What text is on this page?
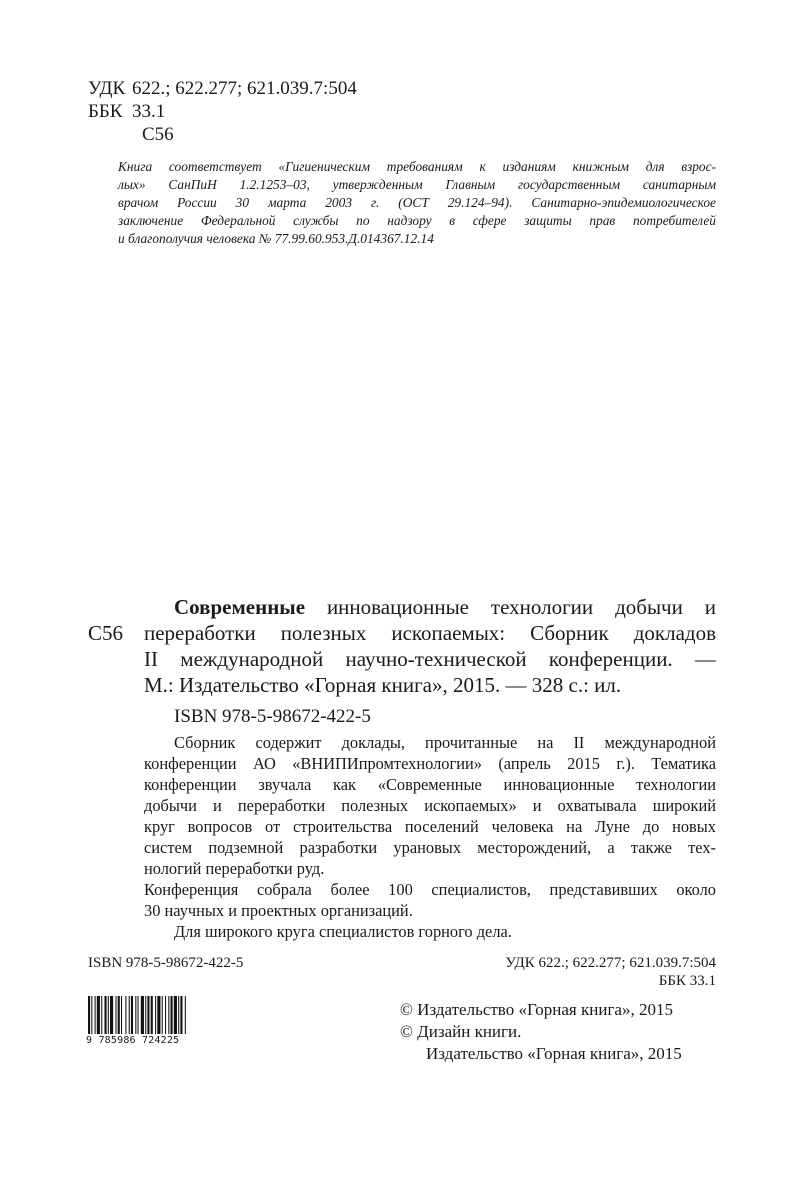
УДК 622.; 622.277; 621.039.7:504
ББК 33.1
С56
Книга соответствует «Гигиеническим требованиям к изданиям книжным для взрос-
лых» СанПиН 1.2.1253–03, утвержденным Главным государственным санитарным
врачом России 30 марта 2003 г. (ОСТ 29.124–94). Санитарно-эпидемиологическое
заключение Федеральной службы по надзору в сфере защиты прав потребителей
и благополучия человека № 77.99.60.953.Д.014367.12.14
С56
Современные инновационные технологии добычи и
переработки полезных ископаемых: Сборник докладов
II международной научно-технической конференции. —
М.: Издательство «Горная книга», 2015. — 328 с.: ил.
ISBN 978-5-98672-422-5

Сборник содержит доклады, прочитанные на II международной

конференции АО «ВНИПИпромтехнологии» (апрель 2015 г.). Тематика
конференции звучала как «Современные инновационные технологии
добычи и переработки полезных ископаемых» и охватывала широкий
круг вопросов от строительства поселений человека на Луне до новых
систем подземной разработки урановых месторождений, а также тех-
нологий переработки руд.

Конференция собрала более 100 специалистов, представивших около

30 научных и проектных организаций.

Для широкого круга специалистов горного дела.

ISBN 978-5-98672-422-5	УДК 622.; 622.277; 621.039.7:504
ББК 33.1
9 785986 724225
© Издательство «Горная книга», 2015
© Дизайн книги.
Издательство «Горная книга», 2015
